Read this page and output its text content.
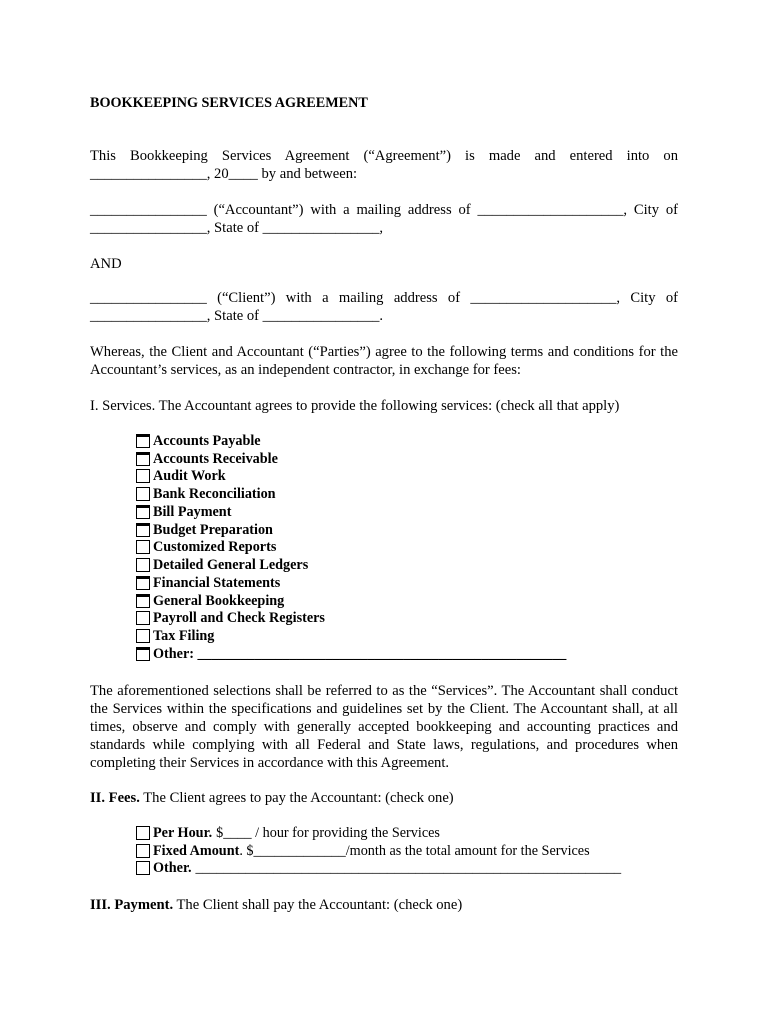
BOOKKEEPING SERVICES AGREEMENT
This Bookkeeping Services Agreement (“Agreement”) is made and entered into on ________________, 20____ by and between:
________________ (“Accountant”) with a mailing address of ____________________, City of ________________, State of ________________,
AND
________________ (“Client”) with a mailing address of ____________________, City of ________________, State of ________________.
Whereas, the Client and Accountant (“Parties”) agree to the following terms and conditions for the Accountant’s services, as an independent contractor, in exchange for fees:
I. Services. The Accountant agrees to provide the following services: (check all that apply)
Accounts Payable
Accounts Receivable
Audit Work
Bank Reconciliation
Bill Payment
Budget Preparation
Customized Reports
Detailed General Ledgers
Financial Statements
General Bookkeeping
Payroll and Check Registers
Tax Filing
Other: ____________________________________________________
The aforementioned selections shall be referred to as the “Services”. The Accountant shall conduct the Services within the specifications and guidelines set by the Client. The Accountant shall, at all times, observe and comply with generally accepted bookkeeping and accounting practices and standards while complying with all Federal and State laws, regulations, and procedures when completing their Services in accordance with this Agreement.
II. Fees. The Client agrees to pay the Accountant: (check one)
Per Hour. $____ / hour for providing the Services
Fixed Amount . $_____________/month as the total amount for the Services
Other. ____________________________________________________________
III. Payment. The Client shall pay the Accountant: (check one)
